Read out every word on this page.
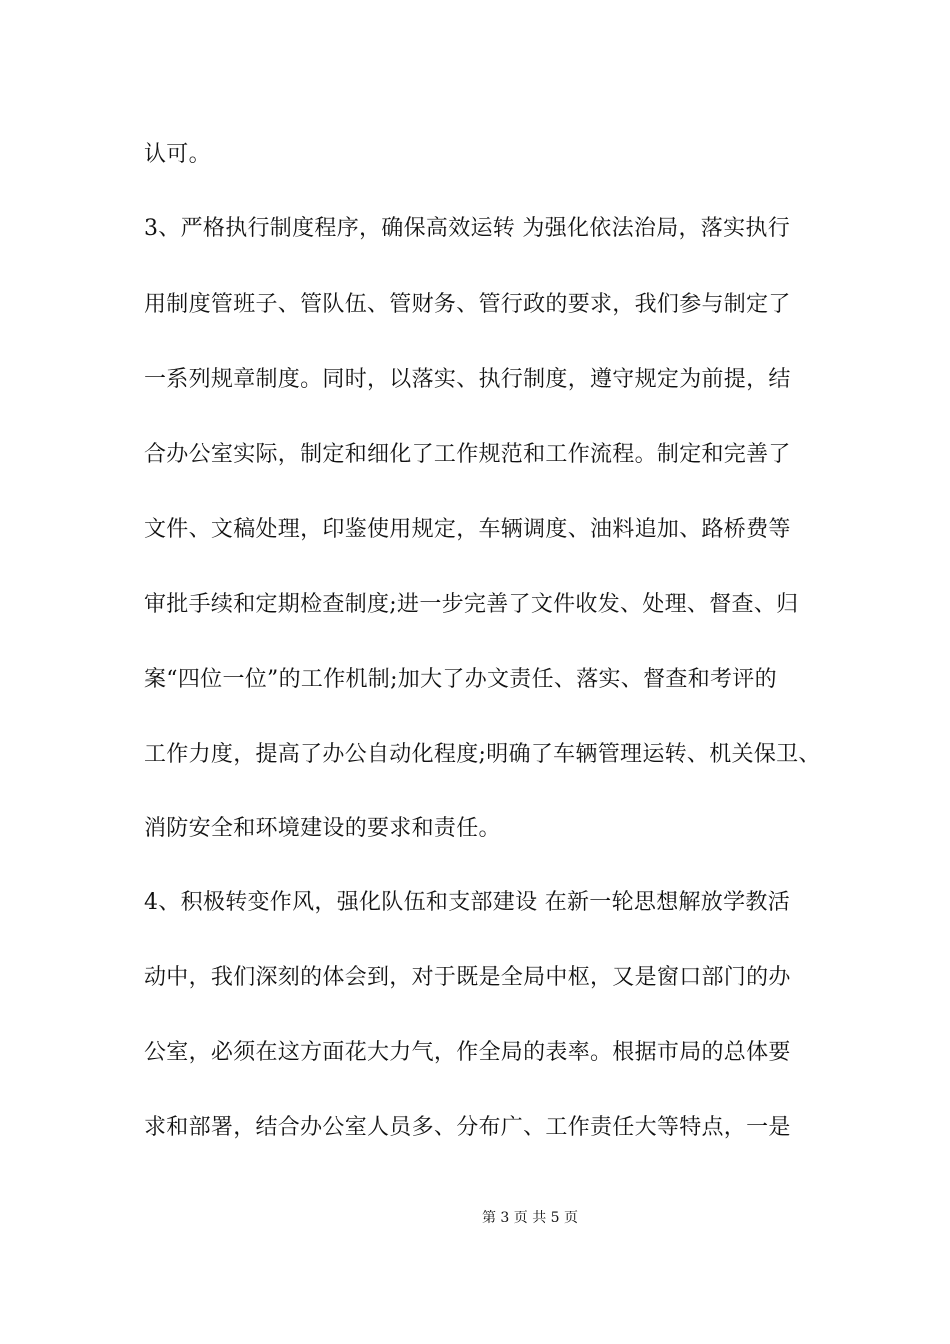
认可。
3、严格执行制度程序，确保高效运转 为强化依法治局，落实执行
用制度管班子、管队伍、管财务、管行政的要求，我们参与制定了
一系列规章制度。同时，以落实、执行制度，遵守规定为前提，结
合办公室实际，制定和细化了工作规范和工作流程。制定和完善了
文件、文稿处理，印鉴使用规定，车辆调度、油料追加、路桥费等
审批手续和定期检查制度;进一步完善了文件收发、处理、督查、归
案“四位一位”的工作机制;加大了办文责任、落实、督查和考评的
工作力度，提高了办公自动化程度;明确了车辆管理运转、机关保卫、
消防安全和环境建设的要求和责任。
4、积极转变作风，强化队伍和支部建设 在新一轮思想解放学教活
动中，我们深刻的体会到，对于既是全局中枢，又是窗口部门的办
公室，必须在这方面花大力气，作全局的表率。根据市局的总体要
求和部署，结合办公室人员多、分布广、工作责任大等特点，一是
第 3 页 共 5 页
